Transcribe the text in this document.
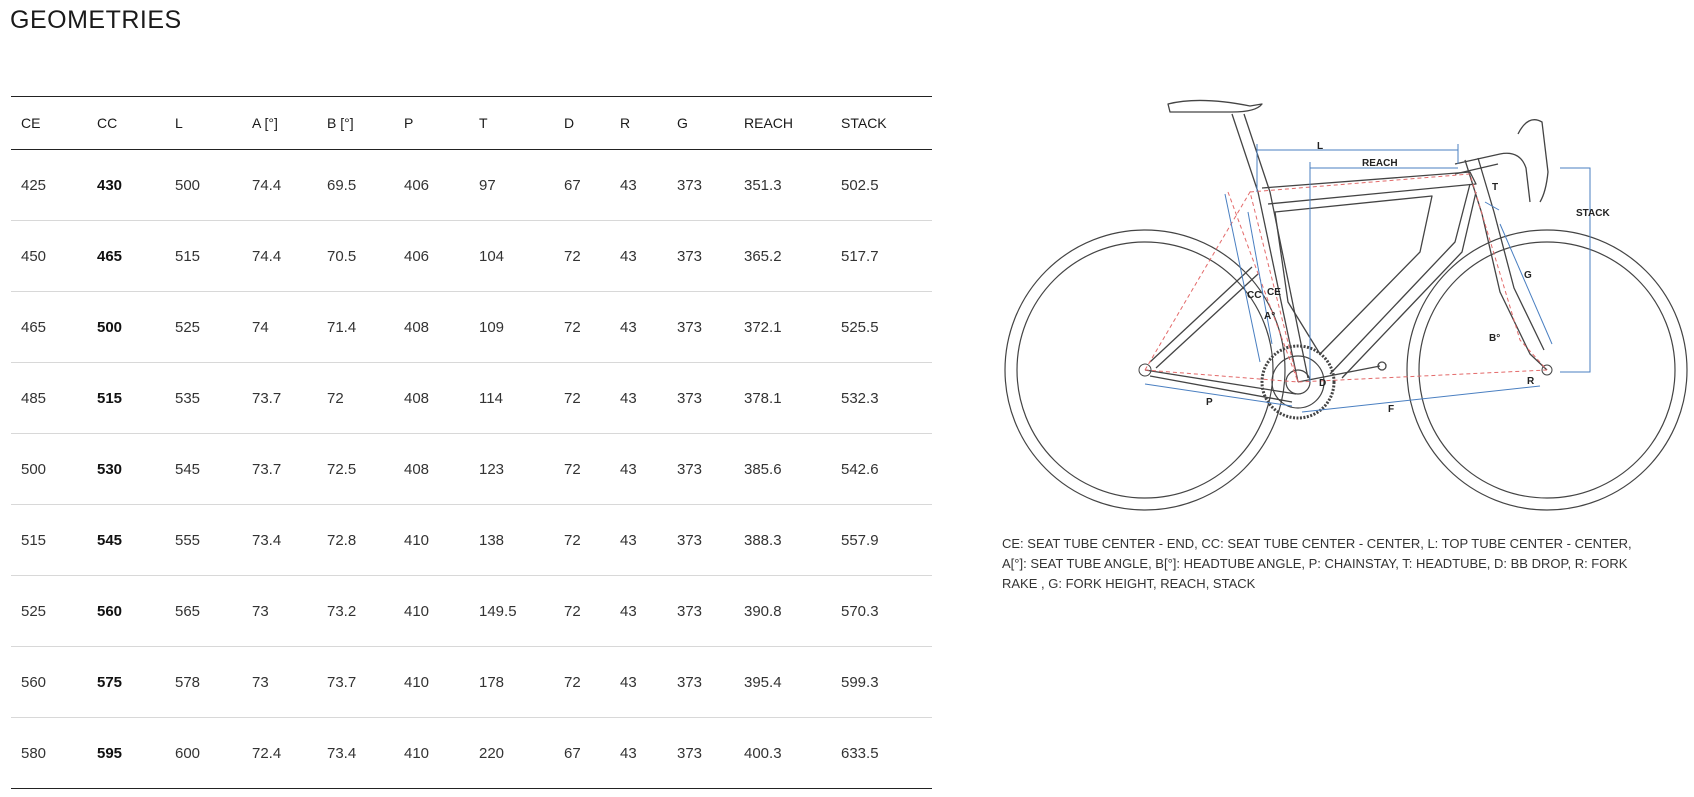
GEOMETRIES
CE	CC	L	A [°]	B [°]	P	T	D	R	G	REACH	STACK
425	430	500	74.4	69.5	406	97	67	43	373	351.3	502.5
450	465	515	74.4	70.5	406	104	72	43	373	365.2	517.7
465	500	525	74	71.4	408	109	72	43	373	372.1	525.5
485	515	535	73.7	72	408	114	72	43	373	378.1	532.3
500	530	545	73.7	72.5	408	123	72	43	373	385.6	542.6
515	545	555	73.4	72.8	410	138	72	43	373	388.3	557.9
525	560	565	73	73.2	410	149.5	72	43	373	390.8	570.3
560	575	578	73	73.7	410	178	72	43	373	395.4	599.3
580	595	600	72.4	73.4	410	220	67	43	373	400.3	633.5
L
REACH
T
STACK
G
CC CE
A°
B°
D	R
P
F

CE: SEAT TUBE CENTER - END, CC: SEAT TUBE CENTER - CENTER, L: TOP TUBE CENTER - CENTER, A[°]: SEAT TUBE ANGLE, B[°]: HEADTUBE ANGLE, P: CHAINSTAY, T: HEADTUBE, D: BB DROP, R: FORK RAKE , G: FORK HEIGHT, REACH, STACK
